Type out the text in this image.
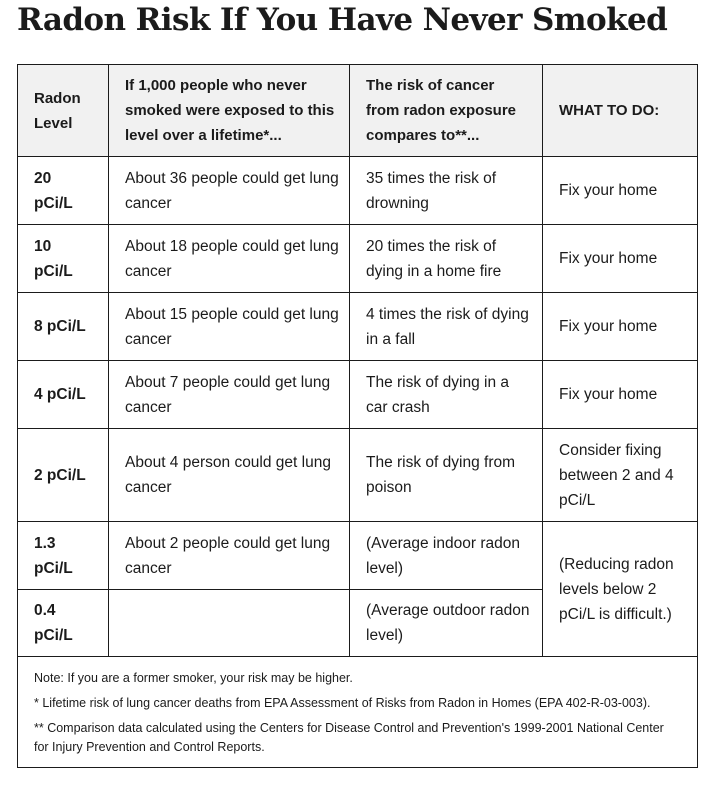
Radon Risk If You Have Never Smoked
Radon Level	If 1,000 people who never smoked were exposed to this level over a lifetime*...	The risk of cancer from radon exposure compares to**...	WHAT TO DO:
20 pCi/L	About 36 people could get lung cancer	35 times the risk of drowning	Fix your home
10 pCi/L	About 18 people could get lung cancer	20 times the risk of dying in a home fire	Fix your home
8 pCi/L	About 15 people could get lung cancer	4 times the risk of dying in a fall	Fix your home
4 pCi/L	About 7 people could get lung cancer	The risk of dying in a car crash	Fix your home
2 pCi/L	About 4 person could get lung cancer	The risk of dying from poison	Consider fixing between 2 and 4 pCi/L
1.3 pCi/L	About 2 people could get lung cancer	(Average indoor radon level)	(Reducing radon levels below 2 pCi/L is difficult.)
0.4 pCi/L		(Average outdoor radon level)	

Note: If you are a former smoker, your risk may be higher.
* Lifetime risk of lung cancer deaths from EPA Assessment of Risks from Radon in Homes (EPA 402-R-03-003).
** Comparison data calculated using the Centers for Disease Control and Prevention's 1999-2001 National Center for Injury Prevention and Control Reports.			
